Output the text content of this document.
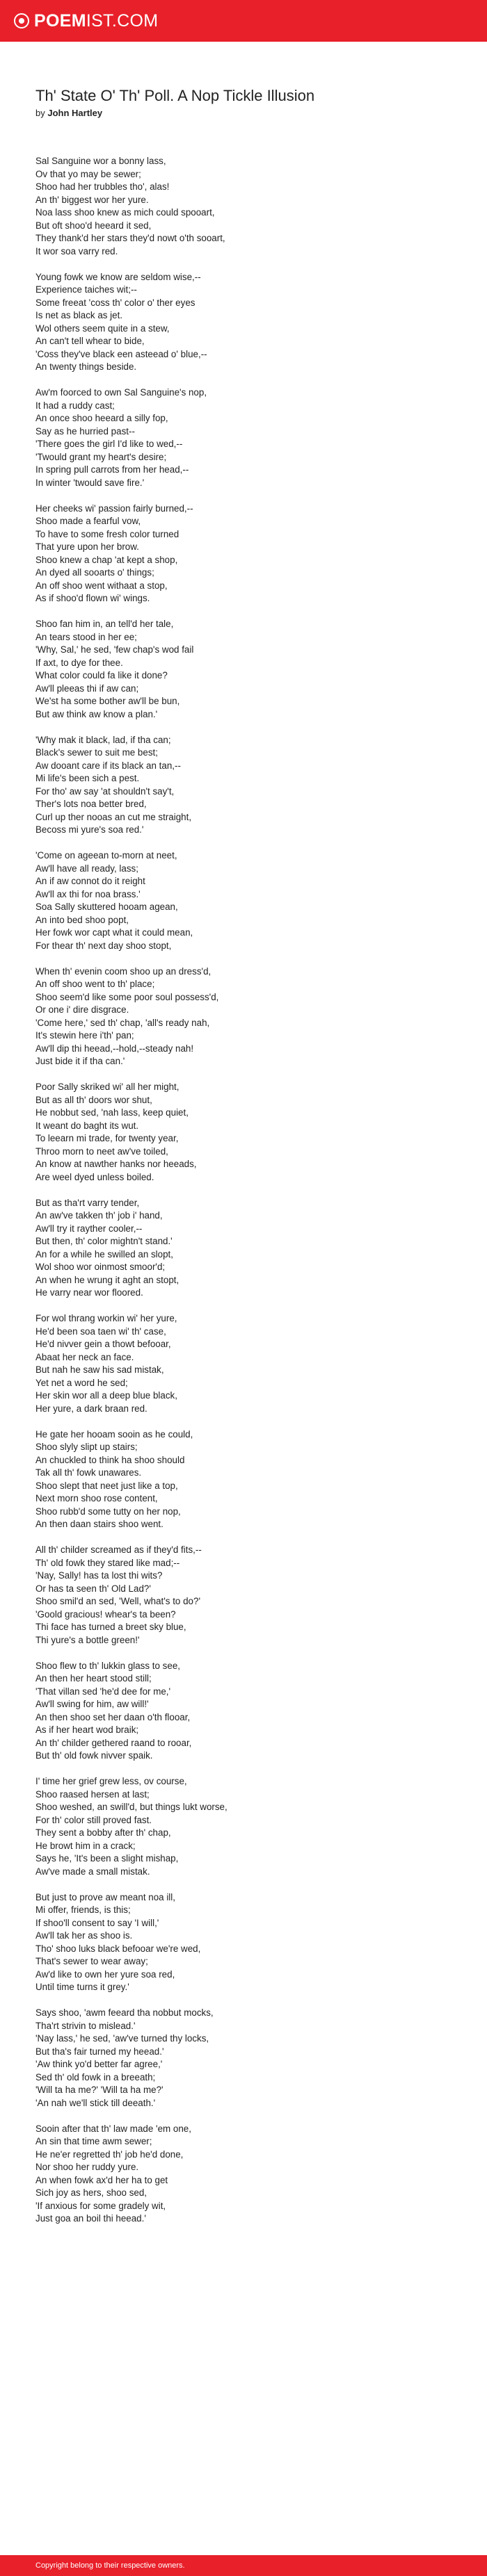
POEMIST.COM
Th' State O' Th' Poll. A Nop Tickle Illusion
by John Hartley

Sal Sanguine wor a bonny lass,
Ov that yo may be sewer;
Shoo had her trubbles tho', alas!
An th' biggest wor her yure.
Noa lass shoo knew as mich could spooart,
But oft shoo'd heeard it sed,
They thank'd her stars they'd nowt o'th sooart,
It wor soa varry red.

Young fowk we know are seldom wise,--
Experience taiches wit;--
Some freeat 'coss th' color o' ther eyes
Is net as black as jet.
Wol others seem quite in a stew,
An can't tell whear to bide,
'Coss they've black een asteead o' blue,--
An twenty things beside.

Aw'm foorced to own Sal Sanguine's nop,
It had a ruddy cast;
An once shoo heeard a silly fop,
Say as he hurried past--
'There goes the girl I'd like to wed,--
'Twould grant my heart's desire;
In spring pull carrots from her head,--
In winter 'twould save fire.'

Her cheeks wi' passion fairly burned,--
Shoo made a fearful vow,
To have to some fresh color turned
That yure upon her brow.
Shoo knew a chap 'at kept a shop,
An dyed all sooarts o' things;
An off shoo went withaat a stop,
As if shoo'd flown wi' wings.

Shoo fan him in, an tell'd her tale,
An tears stood in her ee;
'Why, Sal,' he sed, 'few chap's wod fail
If axt, to dye for thee.
What color could fa like it done?
Aw'll pleeas thi if aw can;
We'st ha some bother aw'll be bun,
But aw think aw know a plan.'

'Why mak it black, lad, if tha can;
Black's sewer to suit me best;
Aw dooant care if its black an tan,--
Mi life's been sich a pest.
For tho' aw say 'at shouldn't say't,
Ther's lots noa better bred,
Curl up ther nooas an cut me straight,
Becoss mi yure's soa red.'

'Come on ageean to-morn at neet,
Aw'll have all ready, lass;
An if aw connot do it reight
Aw'll ax thi for noa brass.'
Soa Sally skuttered hooam agean,
An into bed shoo popt,
Her fowk wor capt what it could mean,
For thear th' next day shoo stopt,

When th' evenin coom shoo up an dress'd,
An off shoo went to th' place;
Shoo seem'd like some poor soul possess'd,
Or one i' dire disgrace.
'Come here,' sed th' chap, 'all's ready nah,
It's stewin here i'th' pan;
Aw'll dip thi heead,--hold,--steady nah!
Just bide it if tha can.'

Poor Sally skriked wi' all her might,
But as all th' doors wor shut,
He nobbut sed, 'nah lass, keep quiet,
It weant do baght its wut.
To leearn mi trade, for twenty year,
Throo morn to neet aw've toiled,
An know at nawther hanks nor heeads,
Are weel dyed unless boiled.

But as tha'rt varry tender,
An aw've takken th' job i' hand,
Aw'll try it rayther cooler,--
But then, th' color mightn't stand.'
An for a while he swilled an slopt,
Wol shoo wor oinmost smoor'd;
An when he wrung it aght an stopt,
He varry near wor floored.

For wol thrang workin wi' her yure,
He'd been soa taen wi' th' case,
He'd nivver gein a thowt befooar,
Abaat her neck an face.
But nah he saw his sad mistak,
Yet net a word he sed;
Her skin wor all a deep blue black,
Her yure, a dark braan red.

He gate her hooam sooin as he could,
Shoo slyly slipt up stairs;
An chuckled to think ha shoo should
Tak all th' fowk unawares.
Shoo slept that neet just like a top,
Next morn shoo rose content,
Shoo rubb'd some tutty on her nop,
An then daan stairs shoo went.

All th' childer screamed as if they'd fits,--
Th' old fowk they stared like mad;--
'Nay, Sally! has ta lost thi wits?
Or has ta seen th' Old Lad?'
Shoo smil'd an sed, 'Well, what's to do?'
'Goold gracious! whear's ta been?
Thi face has turned a breet sky blue,
Thi yure's a bottle green!'

Shoo flew to th' lukkin glass to see,
An then her heart stood still;
'That villan sed 'he'd dee for me,'
Aw'll swing for him, aw will!'
An then shoo set her daan o'th flooar,
As if her heart wod braik;
An th' childer gethered raand to rooar,
But th' old fowk nivver spaik.

I' time her grief grew less, ov course,
Shoo raased hersen at last;
Shoo weshed, an swill'd, but things lukt worse,
For th' color still proved fast.
They sent a bobby after th' chap,
He browt him in a crack;
Says he, 'It's been a slight mishap,
Aw've made a small mistak.

But just to prove aw meant noa ill,
Mi offer, friends, is this;
If shoo'll consent to say 'I will,'
Aw'll tak her as shoo is.
Tho' shoo luks black befooar we're wed,
That's sewer to wear away;
Aw'd like to own her yure soa red,
Until time turns it grey.'

Says shoo, 'awm feeard tha nobbut mocks,
Tha'rt strivin to mislead.'
'Nay lass,' he sed, 'aw've turned thy locks,
But tha's fair turned my heead.'
'Aw think yo'd better far agree,'
Sed th' old fowk in a breeath;
'Will ta ha me?' 'Will ta ha me?'
'An nah we'll stick till deeath.'

Sooin after that th' law made 'em one,
An sin that time awm sewer;
He ne'er regretted th' job he'd done,
Nor shoo her ruddy yure.
An when fowk ax'd her ha to get
Sich joy as hers, shoo sed,
'If anxious for some gradely wit,
Just goa an boil thi heead.'

Copyright belong to their respective owners.
